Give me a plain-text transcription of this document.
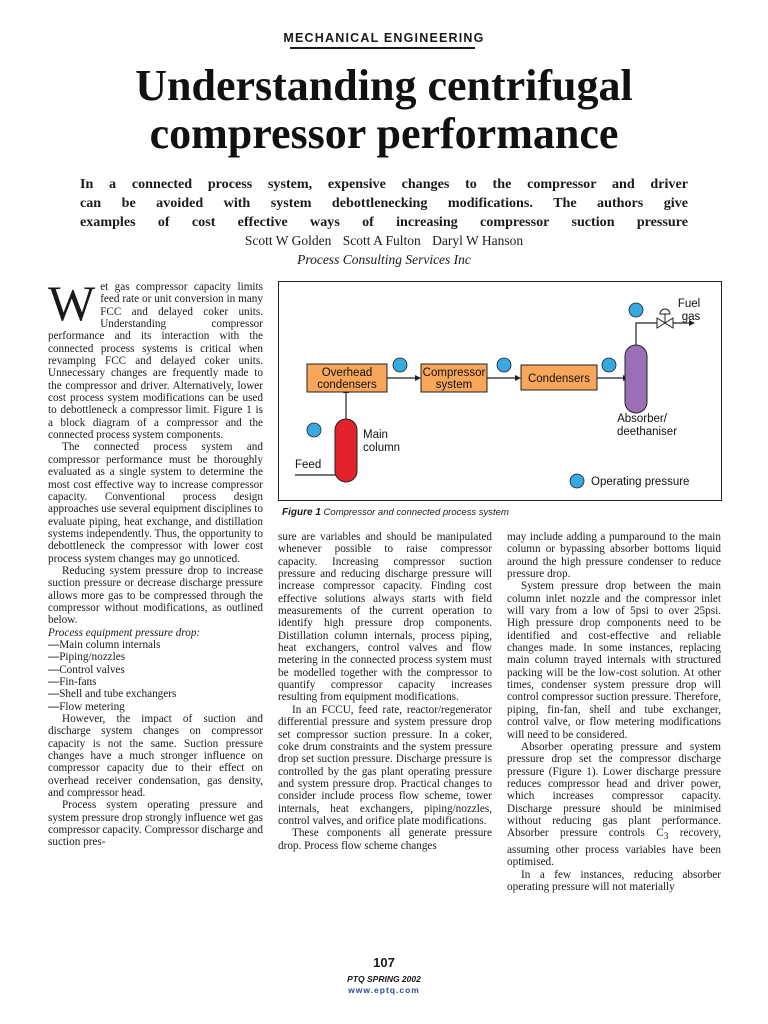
MECHANICAL ENGINEERING
Understanding centrifugal
compressor performance
In a connected process system, expensive changes to the compressor and driver
can be avoided with system debottlenecking modifications. The authors give
examples of cost effective ways of increasing compressor suction pressure
Scott W Golden Scott A Fulton Daryl W Hanson
Process Consulting Services Inc

Wet gas compressor capacity limits feed rate or unit conversion in many FCC and delayed coker units. Understanding compressor performance and its interaction with the connected process systems is critical when revamping FCC and delayed coker units. Unnecessary changes are frequently made to the compressor and driver. Alternatively, lower cost process system modifications can be used to debottleneck a compressor limit. Figure 1 is a block diagram of a compressor and the connected process system components.

The connected process system and compressor performance must be thoroughly evaluated as a single system to determine the most cost effective way to increase compressor capacity. Conventional process design approaches use several equipment disciplines to evaluate piping, heat exchange, and distillation systems independently. Thus, the opportunity to debottleneck the compressor with lower cost process system changes may go unnoticed.

Reducing system pressure drop to increase suction pressure or decrease discharge pressure allows more gas to be compressed through the compressor without modifications, as outlined below.

Process equipment pressure drop:

—Main column internals
—Piping/nozzles
—Control valves
—Fin-fans
—Shell and tube exchangers
—Flow metering

However, the impact of suction and discharge system changes on compressor capacity is not the same. Suction pressure changes have a much stronger influence on compressor capacity due to their effect on overhead receiver condensation, gas density, and compressor head.

Process system operating pressure and system pressure drop strongly influence wet gas compressor capacity. Compressor discharge and suction pres-

Fuel
gas
Overhead
condensers
Compressor
system	Condensers
Absorber/
deethaniser
Main
column
Feed
Operating pressure
Figure 1 Compressor and connected process system

sure are variables and should be manipulated whenever possible to raise compressor capacity. Increasing compressor suction pressure and reducing discharge pressure will increase compressor capacity. Finding cost effective solutions always starts with field measurements of the current operation to identify high pressure drop components. Distillation column internals, process piping, heat exchangers, control valves and flow metering in the connected process system must be modelled together with the compressor to quantify compressor capacity increases resulting from equipment modifications.

In an FCCU, feed rate, reactor/regenerator differential pressure and system pressure drop set compressor suction pressure. In a coker, coke drum constraints and the system pressure drop set suction pressure. Discharge pressure is controlled by the gas plant operating pressure and system pressure drop. Practical changes to consider include process flow scheme, tower internals, heat exchangers, piping/nozzles, control valves, and orifice plate modifications.

These components all generate pressure drop. Process flow scheme changes

may include adding a pumparound to the main column or bypassing absorber bottoms liquid around the high pressure condenser to reduce pressure drop.

System pressure drop between the main column inlet nozzle and the compressor inlet will vary from a low of 5psi to over 25psi. High pressure drop components need to be identified and cost-effective and reliable changes made. In some instances, replacing main column trayed internals with structured packing will be the low-cost solution. At other times, condenser system pressure drop will control compressor suction pressure. Therefore, piping, fin-fan, shell and tube exchanger, control valve, or flow metering modifications will need to be considered.

Absorber operating pressure and system pressure drop set the compressor discharge pressure (Figure 1). Lower discharge pressure reduces compressor head and driver power, which increases compressor capacity. Discharge pressure should be minimised without reducing gas plant performance. Absorber pressure controls $C_3$ recovery, assuming other process variables have been optimised.

In a few instances, reducing absorber operating pressure will not materially

107
PTQ SPRING 2002
www.eptq.com
